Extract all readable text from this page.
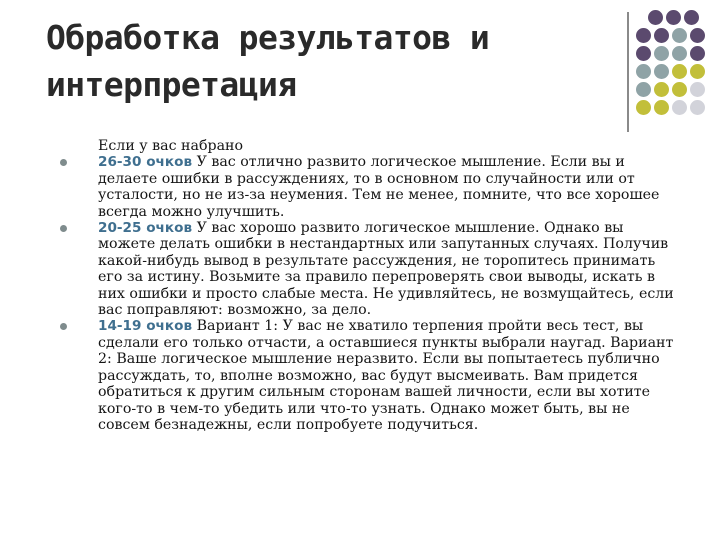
Обработка результатов и
интерпретация

Если у вас набрано

26-30 очков У вас отлично развито логическое мышление. Если вы и делаете ошибки в рассуждениях, то в основном по случайности или от усталости, но не из-за неумения. Тем не менее, помните, что все хорошее всегда можно улучшить.
20-25 очков У вас хорошо развито логическое мышление. Однако вы можете делать ошибки в нестандартных или запутанных случаях. Получив какой-нибудь вывод в результате рассуждения, не торопитесь принимать его за истину. Возьмите за правило перепроверять свои выводы, искать в них ошибки и просто слабые места. Не удивляйтесь, не возмущайтесь, если вас поправляют: возможно, за дело.
14-19 очков Вариант 1: У вас не хватило терпения пройти весь тест, вы сделали его только отчасти, а оставшиеся пункты выбрали наугад. Вариант 2: Ваше логическое мышление неразвито. Если вы попытаетесь публично рассуждать, то, вполне возможно, вас будут высмеивать. Вам придется обратиться к другим сильным сторонам вашей личности, если вы хотите кого-то в чем-то убедить или что-то узнать. Однако может быть, вы не совсем безнадежны, если попробуете подучиться.
